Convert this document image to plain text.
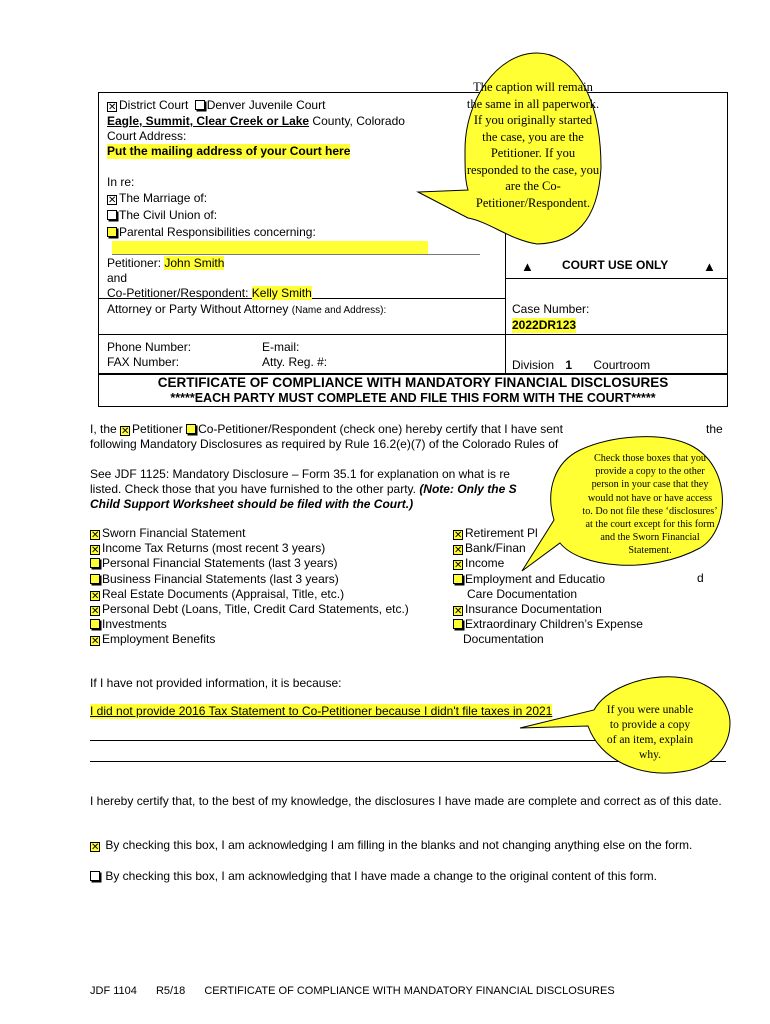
✕ District Court Denver Juvenile Court
Eagle, Summit, Clear Creek or Lake County, Colorado
Court Address:
Put the mailing address of your Court here
In re:
✕ The Marriage of:
The Civil Union of:
Parental Responsibilities concerning:
Petitioner: John Smith
and
Co-Petitioner/Respondent: Kelly Smith
Attorney or Party Without Attorney (Name and Address):
Phone Number:
FAX Number:
E-mail:
Atty. Reg. #:
▲ COURT USE ONLY	▲
Case Number:
2022DR123
Division 1 Courtroom
CERTIFICATE OF COMPLIANCE WITH MANDATORY FINANCIAL DISCLOSURES
*****EACH PARTY MUST COMPLETE AND FILE THIS FORM WITH THE COURT*****
I, the ✕ Petitioner Co-Petitioner/Respondent (check one) hereby certify that I have sent	the
following Mandatory Disclosures as required by Rule 16.2(e)(7) of the Colorado Rules of
See JDF 1125: Mandatory Disclosure – Form 35.1 for explanation on what is re
listed. Check those that you have furnished to the other party. (Note: Only the S
Child Support Worksheet should be filed with the Court.)
✕ Sworn Financial Statement
✕ Income Tax Returns (most recent 3 years)
Personal Financial Statements (last 3 years)
Business Financial Statements (last 3 years)
✕ Real Estate Documents (Appraisal, Title, etc.)
✕ Personal Debt (Loans, Title, Credit Card Statements, etc.)
Investments
✕ Employment Benefits
✕ Retirement Pl
✕ Bank/Finan
✕ Income
Employment and Educatio
Care Documentation
✕ Insurance Documentation
Extraordinary Children’s Expense
Documentation
d
If I have not provided information, it is because:
I did not provide 2016 Tax Statement to Co-Petitioner because I didn't file taxes in 2021
I hereby certify that, to the best of my knowledge, the disclosures I have made are complete and correct as of this date.
✕ By checking this box, I am acknowledging I am filling in the blanks and not changing anything else on the form.
By checking this box, I am acknowledging that I have made a change to the original content of this form.
JDF 1104 R5/18 CERTIFICATE OF COMPLIANCE WITH MANDATORY FINANCIAL DISCLOSURES
The caption will remain the same in all paperwork. If you originally started the case, you are the Petitioner. If you responded to the case, you are the Co-Petitioner/Respondent.
Check those boxes that you provide a copy to the other person in your case that they would not have or have access to. Do not file these ‘disclosures’ at the court except for this form and the Sworn Financial Statement.
If you were unable to provide a copy of an item, explain why.
